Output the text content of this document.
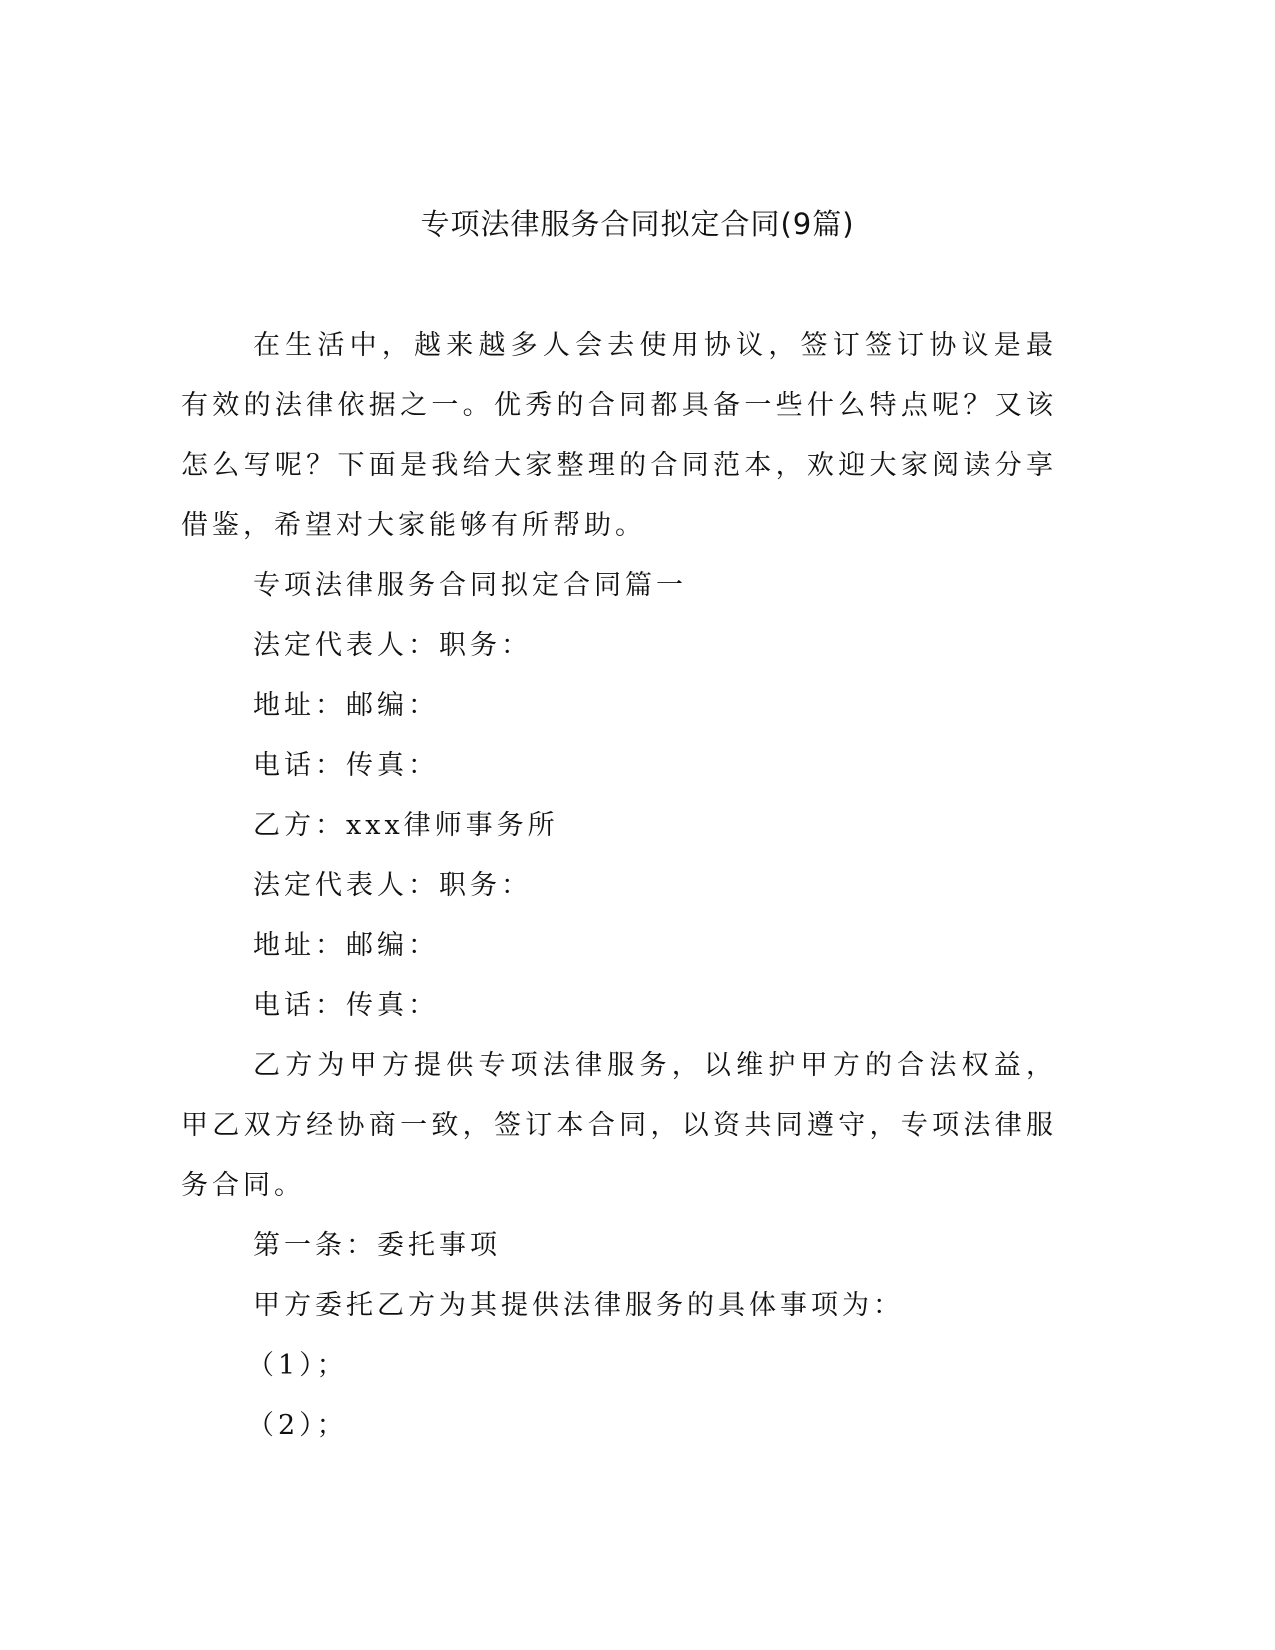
专项法律服务合同拟定合同(9篇)

在生活中，越来越多人会去使用协议，签订签订协议是最有效的法律依据之一。优秀的合同都具备一些什么特点呢？又该怎么写呢？下面是我给大家整理的合同范本，欢迎大家阅读分享借鉴，希望对大家能够有所帮助。

专项法律服务合同拟定合同篇一

法定代表人：职务：

地址：邮编：

电话：传真：

乙方：xxx律师事务所

法定代表人：职务：

地址：邮编：

电话：传真：

乙方为甲方提供专项法律服务，以维护甲方的合法权益，甲乙双方经协商一致，签订本合同，以资共同遵守，专项法律服务合同。

第一条：委托事项

甲方委托乙方为其提供法律服务的具体事项为：

（1）；

（2）；
